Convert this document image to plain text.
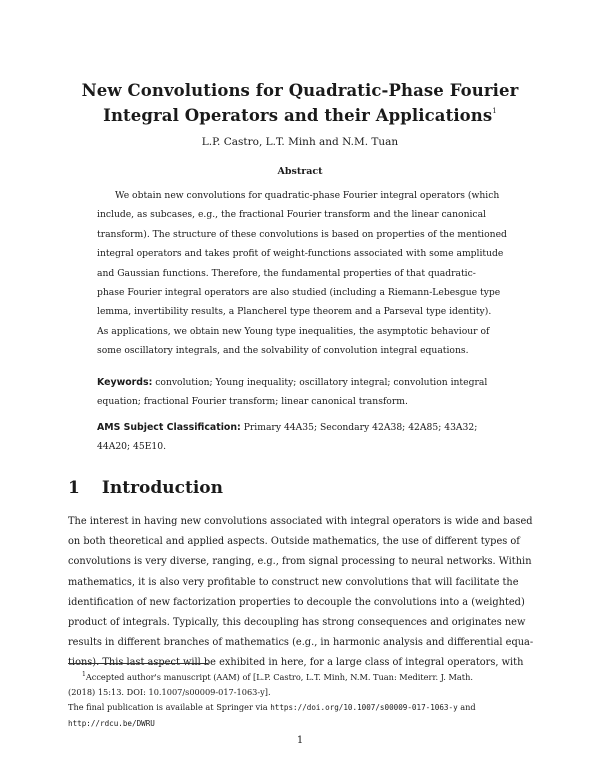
New Convolutions for Quadratic-Phase Fourier
Integral Operators and their Applications$^1$
L.P. Castro, L.T. Minh and N.M. Tuan
Abstract
We obtain new convolutions for quadratic-phase Fourier integral operators (which
include, as subcases, e.g., the fractional Fourier transform and the linear canonical
transform). The structure of these convolutions is based on properties of the mentioned
integral operators and takes profit of weight-functions associated with some amplitude
and Gaussian functions. Therefore, the fundamental properties of that quadratic-
phase Fourier integral operators are also studied (including a Riemann-Lebesgue type
lemma, invertibility results, a Plancherel type theorem and a Parseval type identity).
As applications, we obtain new Young type inequalities, the asymptotic behaviour of
some oscillatory integrals, and the solvability of convolution integral equations.
Keywords: convolution; Young inequality; oscillatory integral; convolution integral equation; fractional Fourier transform; linear canonical transform.
AMS Subject Classification: Primary 44A35; Secondary 42A38; 42A85; 43A32; 44A20; 45E10.
1 Introduction
The interest in having new convolutions associated with integral operators is wide and based
on both theoretical and applied aspects. Outside mathematics, the use of different types of
convolutions is very diverse, ranging, e.g., from signal processing to neural networks. Within
mathematics, it is also very profitable to construct new convolutions that will facilitate the
identification of new factorization properties to decouple the convolutions into a (weighted)
product of integrals. Typically, this decoupling has strong consequences and originates new
results in different branches of mathematics (e.g., in harmonic analysis and differential equa-
tions). This last aspect will be exhibited in here, for a large class of integral operators, with
$^1$Accepted author's manuscript (AAM) of [L.P. Castro, L.T. Minh, N.M. Tuan: Mediterr. J. Math.
(2018) 15:13. DOI: 10.1007/s00009-017-1063-y].
The final publication is available at Springer via https://doi.org/10.1007/s00009-017-1063-y and
http://rdcu.be/DWRU
1
